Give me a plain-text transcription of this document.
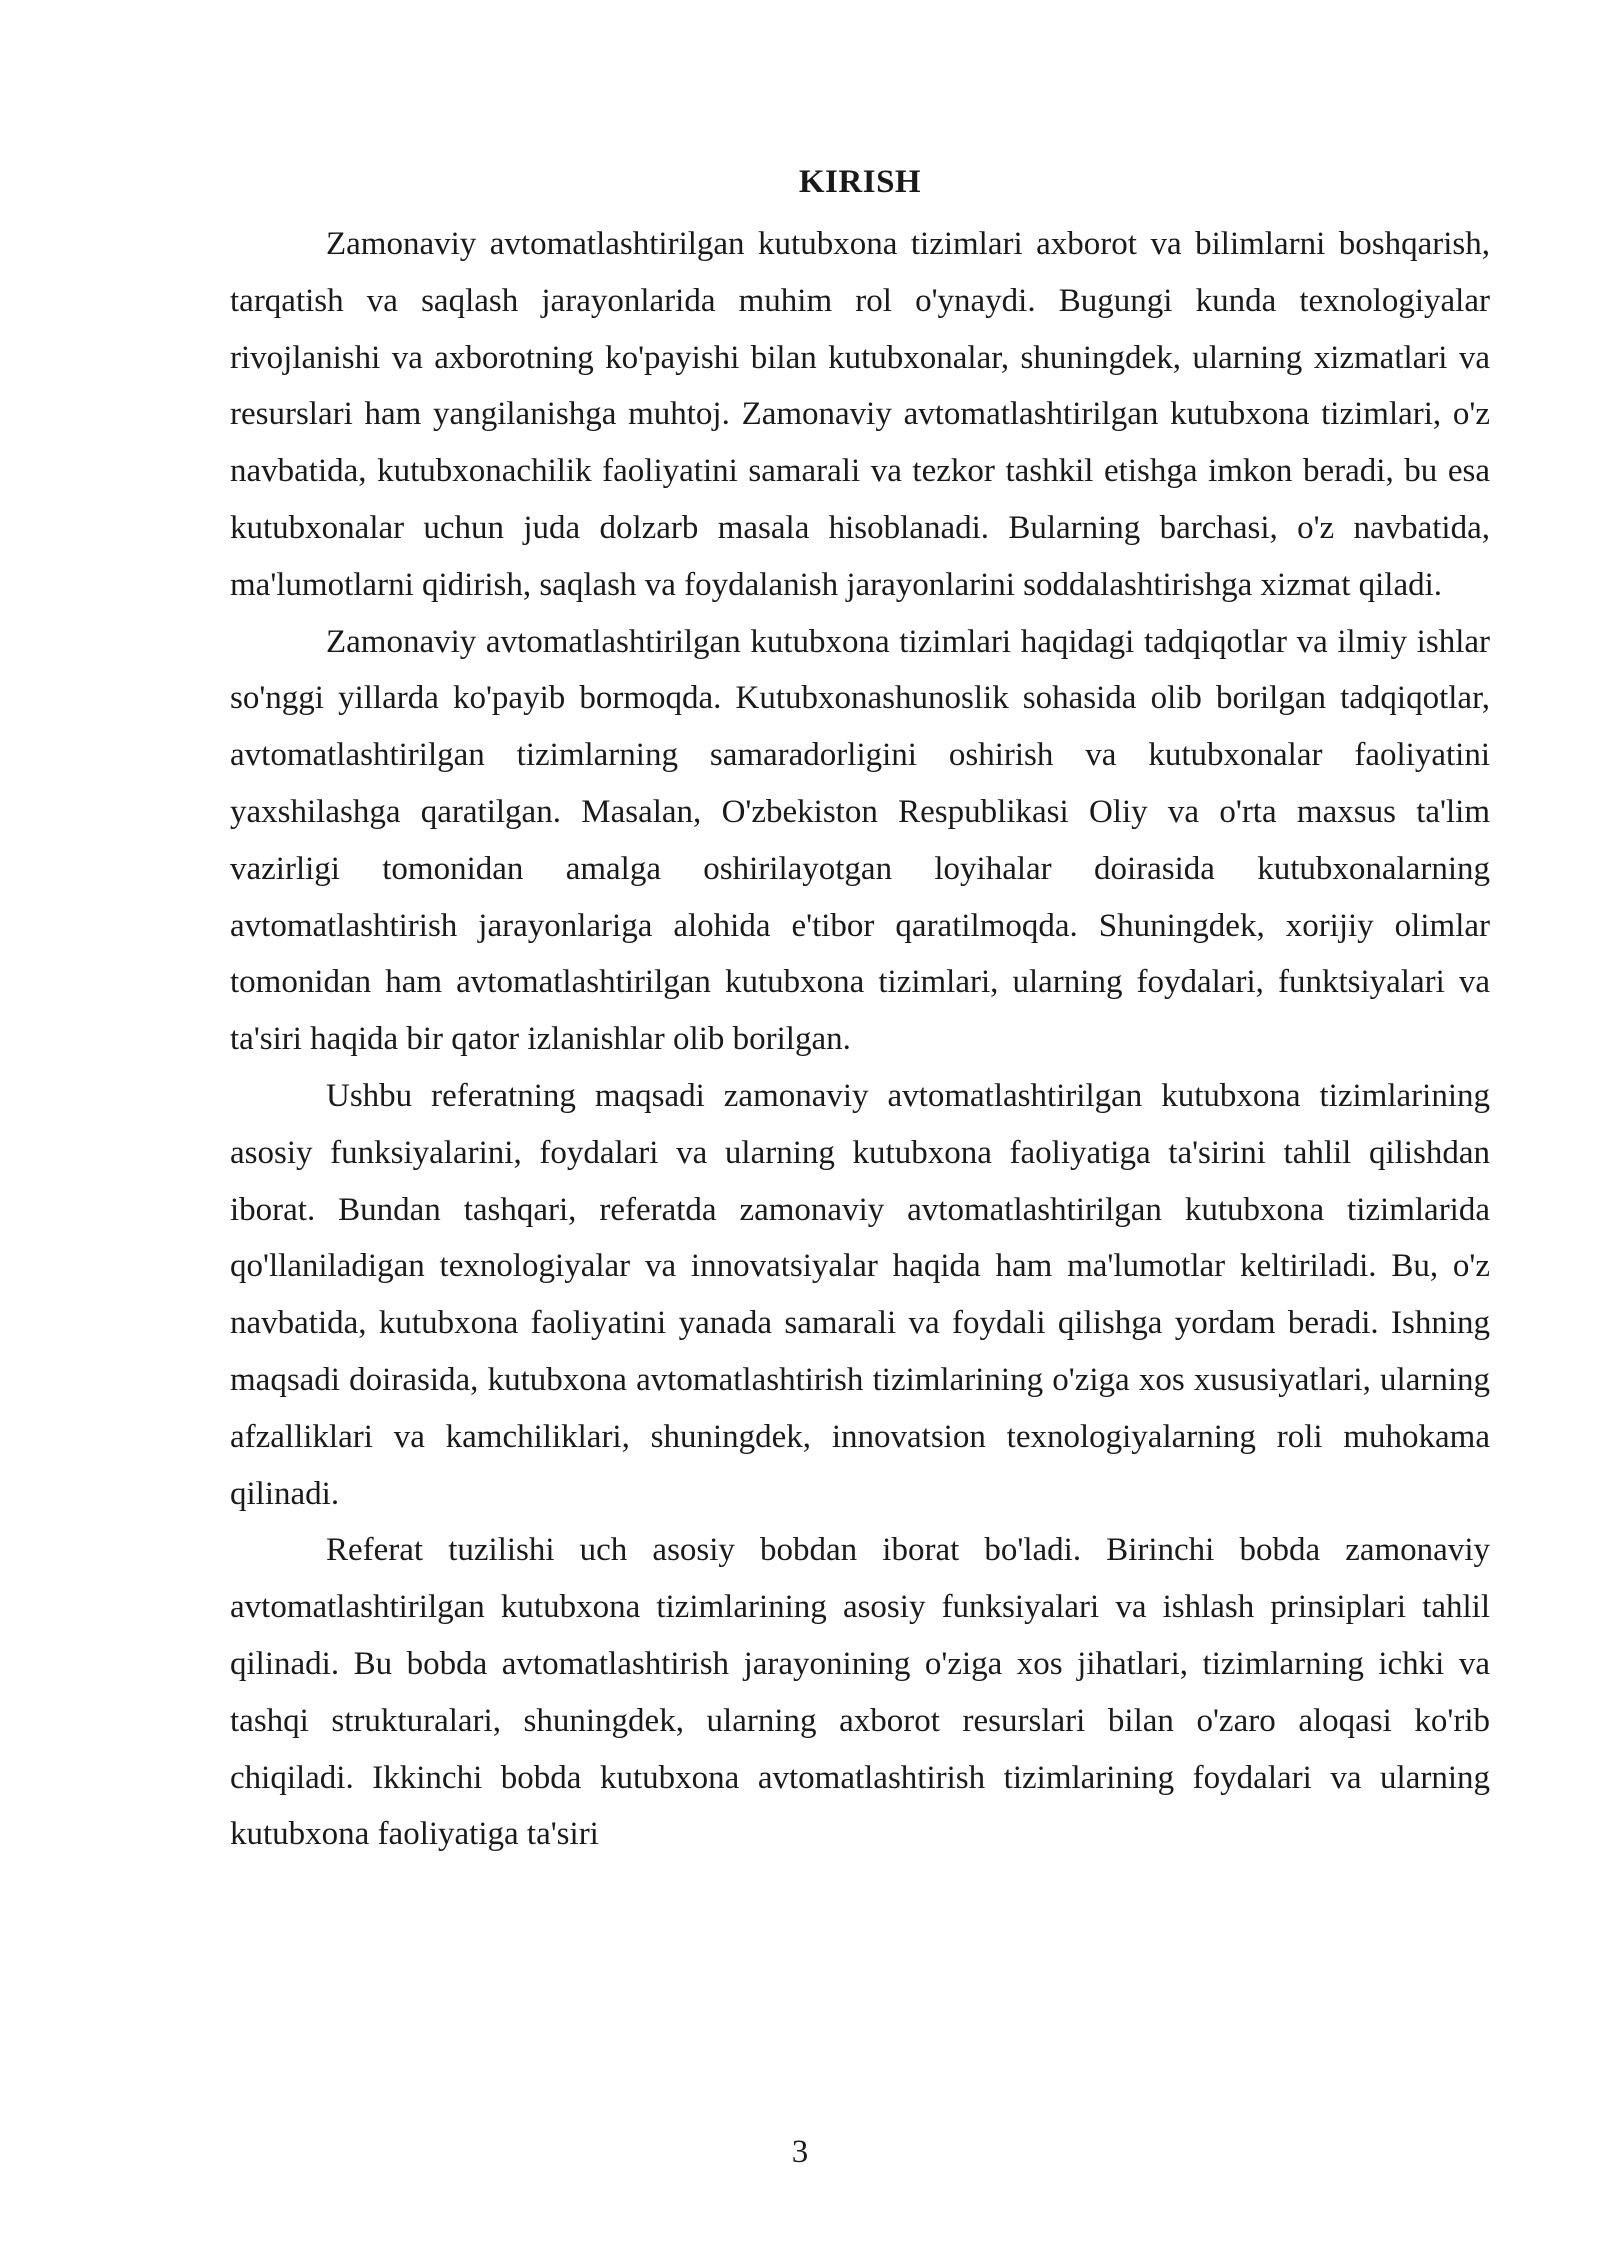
KIRISH

Zamonaviy avtomatlashtirilgan kutubxona tizimlari axborot va bilimlarni boshqarish, tarqatish va saqlash jarayonlarida muhim rol o'ynaydi. Bugungi kunda texnologiyalar rivojlanishi va axborotning ko'payishi bilan kutubxonalar, shuningdek, ularning xizmatlari va resurslari ham yangilanishga muhtoj. Zamonaviy avtomatlashtirilgan kutubxona tizimlari, o'z navbatida, kutubxonachilik faoliyatini samarali va tezkor tashkil etishga imkon beradi, bu esa kutubxonalar uchun juda dolzarb masala hisoblanadi. Bularning barchasi, o'z navbatida, ma'lumotlarni qidirish, saqlash va foydalanish jarayonlarini soddalashtirishga xizmat qiladi.

Zamonaviy avtomatlashtirilgan kutubxona tizimlari haqidagi tadqiqotlar va ilmiy ishlar so'nggi yillarda ko'payib bormoqda. Kutubxonashunoslik sohasida olib borilgan tadqiqotlar, avtomatlashtirilgan tizimlarning samaradorligini oshirish va kutubxonalar faoliyatini yaxshilashga qaratilgan. Masalan, O'zbekiston Respublikasi Oliy va o'rta maxsus ta'lim vazirligi tomonidan amalga oshirilayotgan loyihalar doirasida kutubxonalarning avtomatlashtirish jarayonlariga alohida e'tibor qaratilmoqda. Shuningdek, xorijiy olimlar tomonidan ham avtomatlashtirilgan kutubxona tizimlari, ularning foydalari, funktsiyalari va ta'siri haqida bir qator izlanishlar olib borilgan.

Ushbu referatning maqsadi zamonaviy avtomatlashtirilgan kutubxona tizimlarining asosiy funksiyalarini, foydalari va ularning kutubxona faoliyatiga ta'sirini tahlil qilishdan iborat. Bundan tashqari, referatda zamonaviy avtomatlashtirilgan kutubxona tizimlarida qo'llaniladigan texnologiyalar va innovatsiyalar haqida ham ma'lumotlar keltiriladi. Bu, o'z navbatida, kutubxona faoliyatini yanada samarali va foydali qilishga yordam beradi. Ishning maqsadi doirasida, kutubxona avtomatlashtirish tizimlarining o'ziga xos xususiyatlari, ularning afzalliklari va kamchiliklari, shuningdek, innovatsion texnologiyalarning roli muhokama qilinadi.

Referat tuzilishi uch asosiy bobdan iborat bo'ladi. Birinchi bobda zamonaviy avtomatlashtirilgan kutubxona tizimlarining asosiy funksiyalari va ishlash prinsiplari tahlil qilinadi. Bu bobda avtomatlashtirish jarayonining o'ziga xos jihatlari, tizimlarning ichki va tashqi strukturalari, shuningdek, ularning axborot resurslari bilan o'zaro aloqasi ko'rib chiqiladi. Ikkinchi bobda kutubxona avtomatlashtirish tizimlarining foydalari va ularning kutubxona faoliyatiga ta'siri

3
